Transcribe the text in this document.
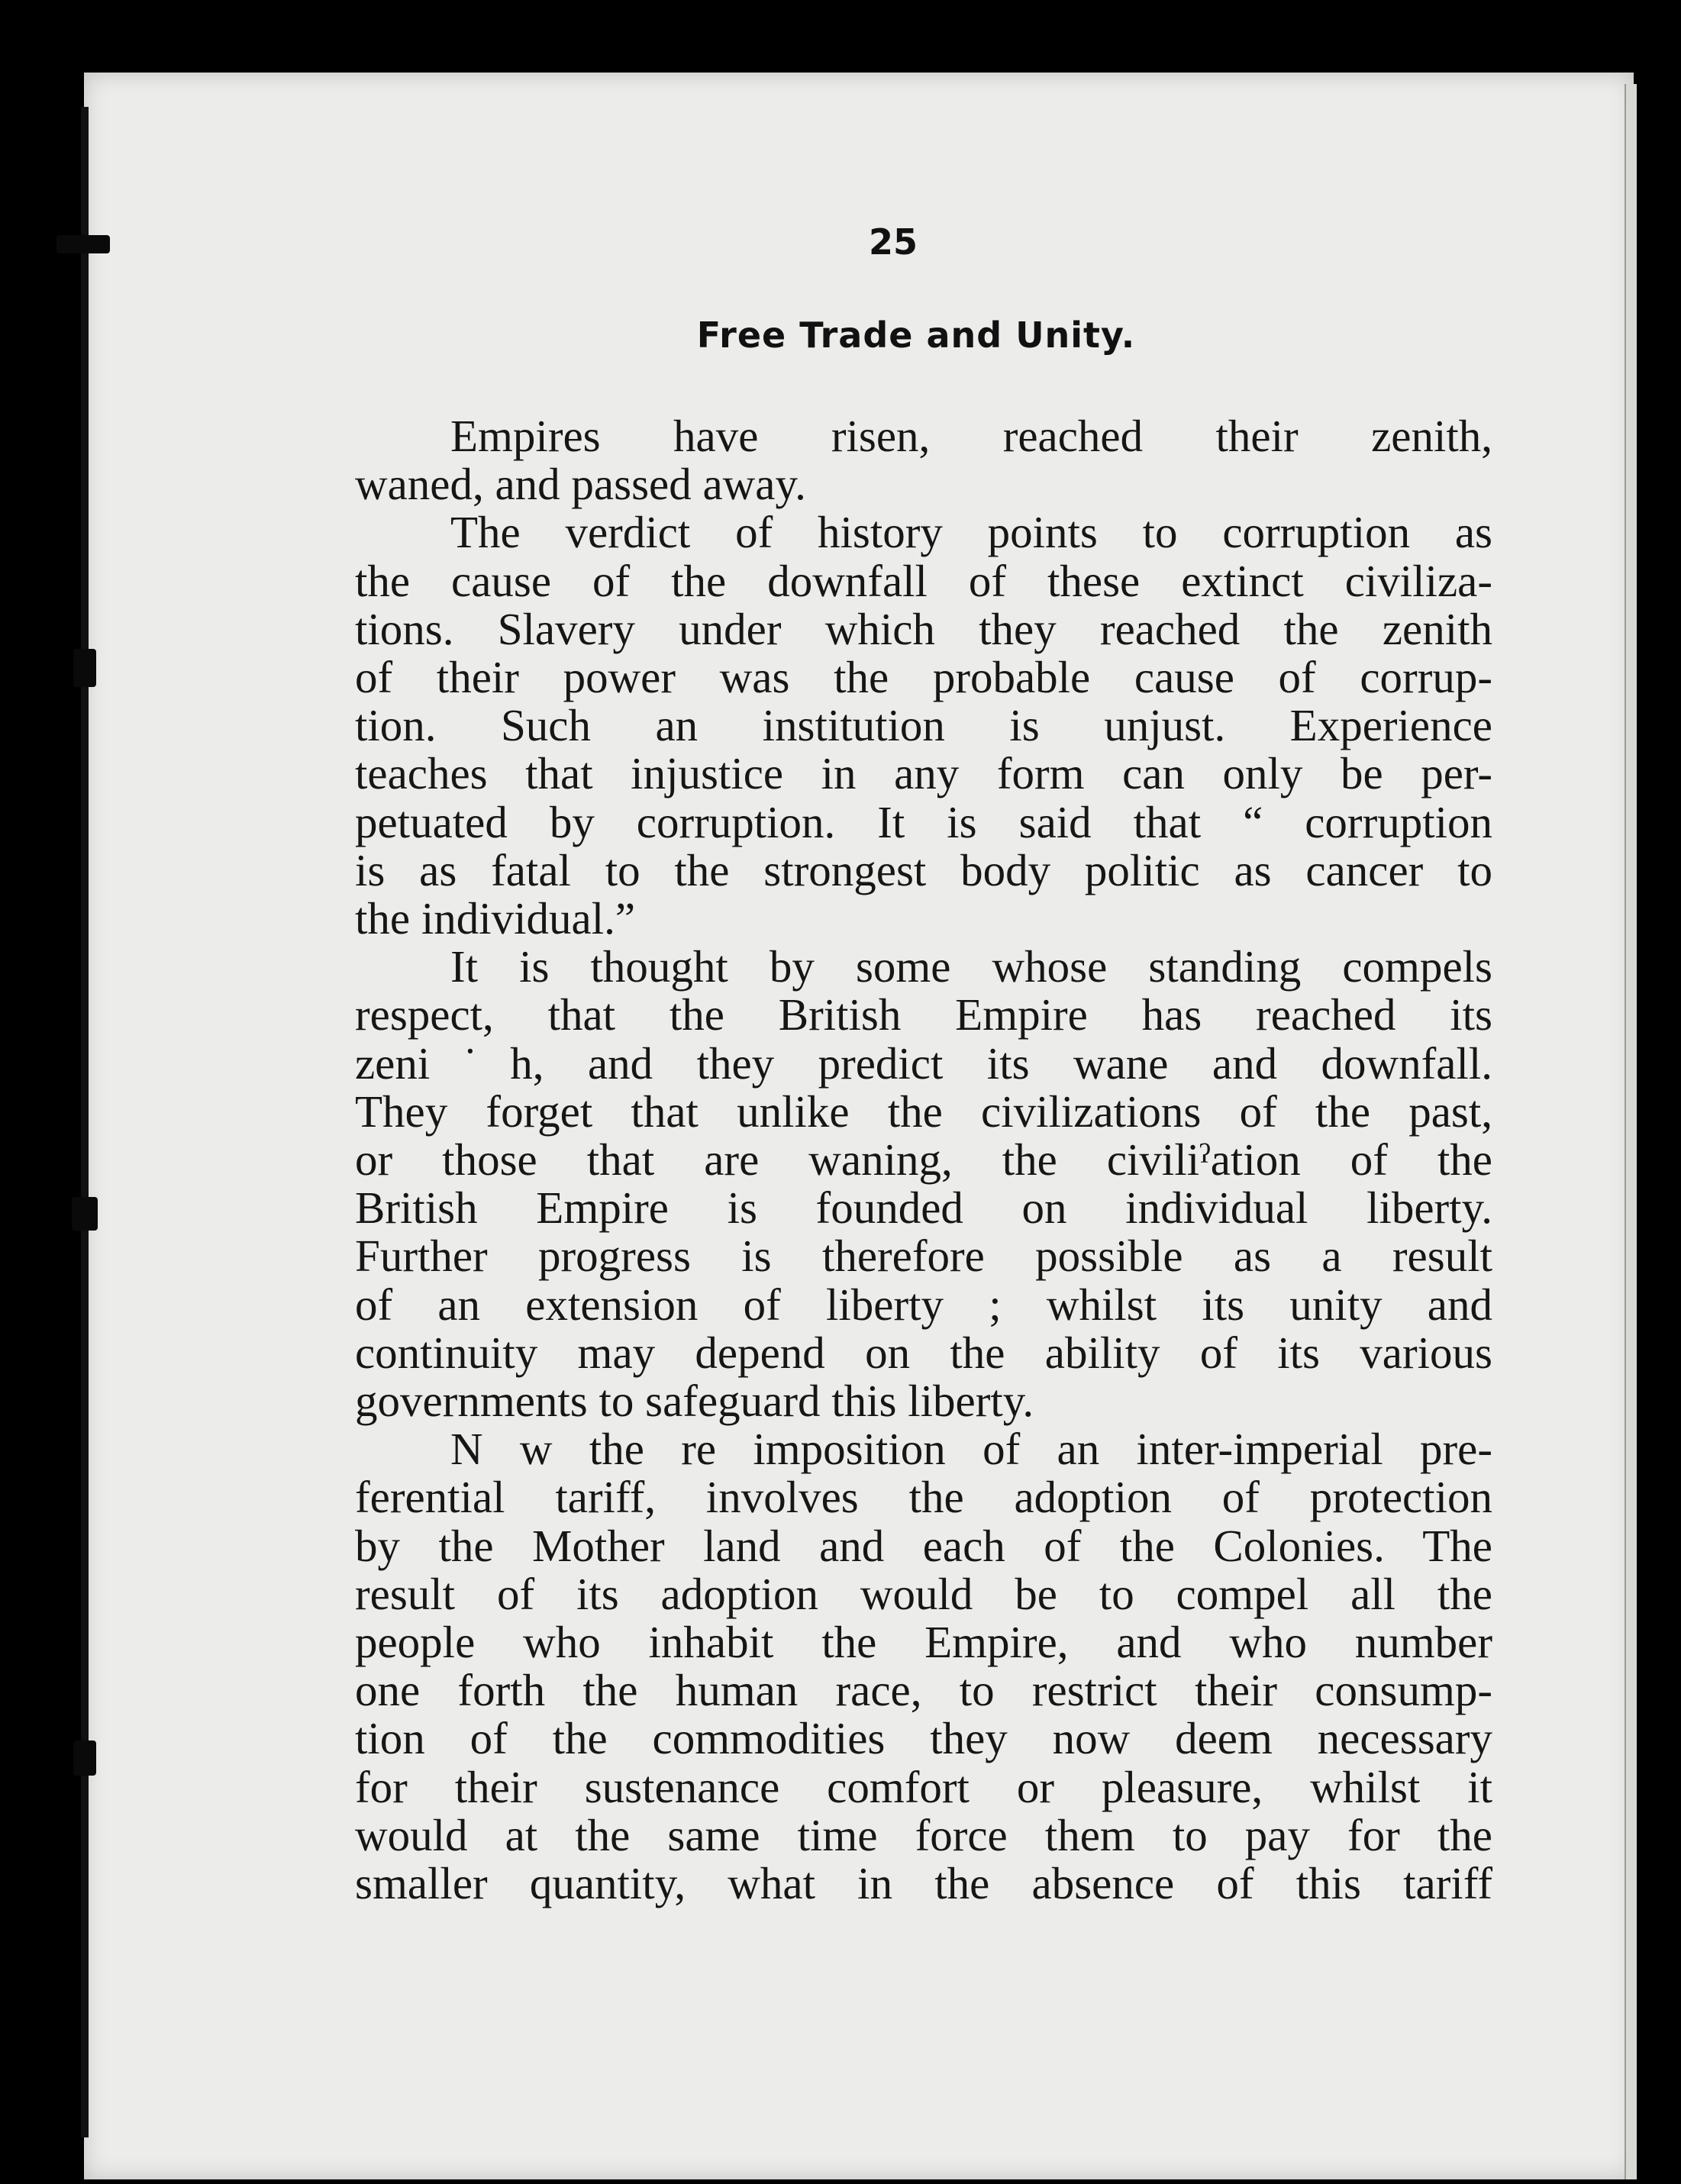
25
Free Trade and Unity.
Empires have risen, reached their zenith,
waned, and passed away.
The verdict of history points to corruption as
the cause of the downfall of these extinct civiliza-
tions. Slavery under which they reached the zenith
of their power was the probable cause of corrup-
tion. Such an institution is unjust. Experience
teaches that injustice in any form can only be per-
petuated by corruption. It is said that “ corruption
is as fatal to the strongest body politic as cancer to
the individual.”
It is thought by some whose standing compels
respect, that the British Empire has reached its
zeni˙h, and they predict its wane and downfall.
They forget that unlike the civilizations of the past,
or those that are waning, the civiliˀation of the
British Empire is founded on individual liberty.
Further progress is therefore possible as a result
of an extension of liberty ; whilst its unity and
continuity may depend on the ability of its various
governments to safeguard this liberty.
N w the re imposition of an inter-imperial pre-
ferential tariff, involves the adoption of protection
by the Mother land and each of the Colonies. The
result of its adoption would be to compel all the
people who inhabit the Empire, and who number
one forth the human race, to restrict their consump-
tion of the commodities they now deem necessary
for their sustenance comfort or pleasure, whilst it
would at the same time force them to pay for the
smaller quantity, what in the absence of this tariff
